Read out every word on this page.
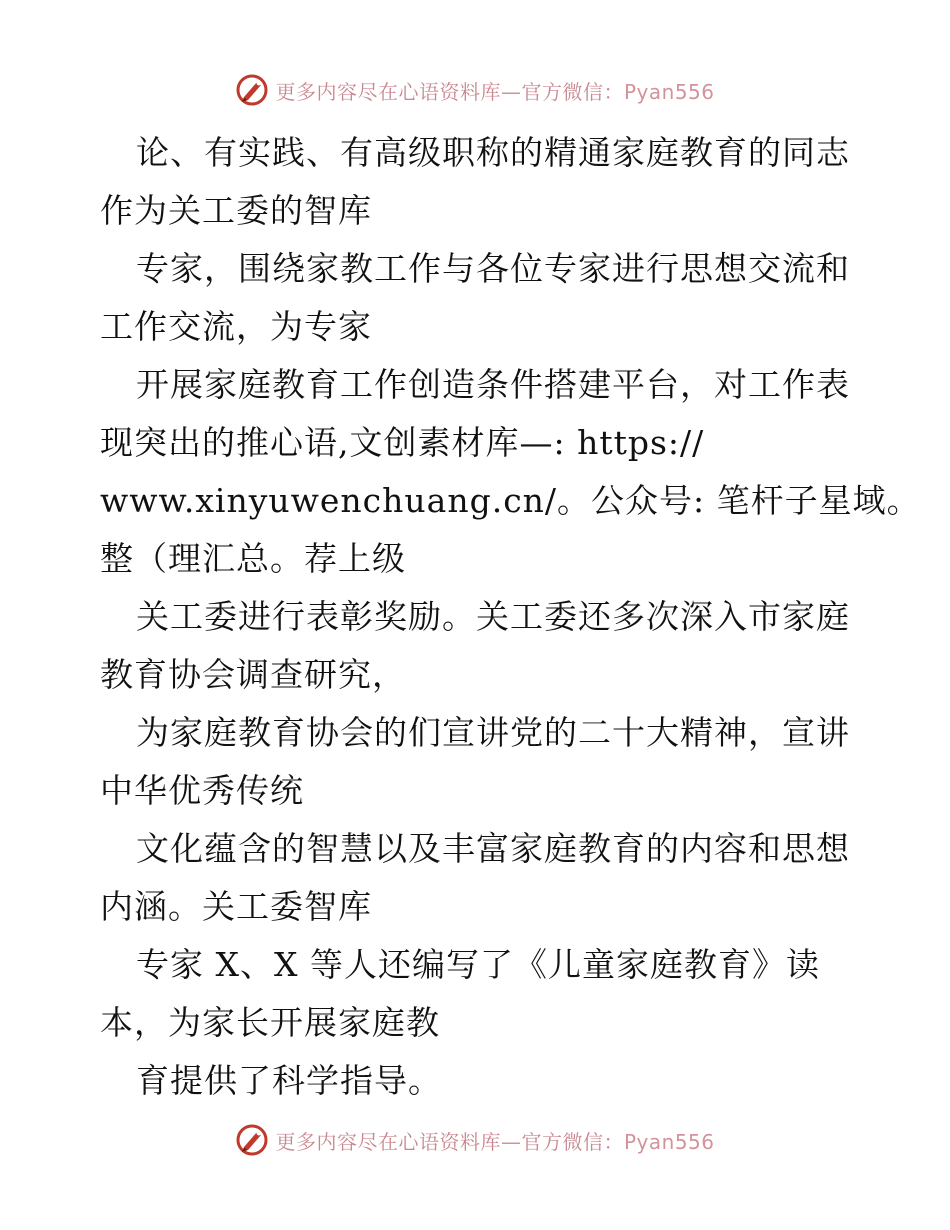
更多内容尽在心语资料库—官方微信：Pyan556
论、有实践、有高级职称的精通家庭教育的同志
作为关工委的智库
专家，围绕家教工作与各位专家进行思想交流和
工作交流，为专家
开展家庭教育工作创造条件搭建平台，对工作表
现突出的推心语,文创素材库—: https://
www.xinyuwenchuang.cn/。公众号: 笔杆子星域。
整（理汇总。荐上级
关工委进行表彰奖励。关工委还多次深入市家庭
教育协会调查研究，
为家庭教育协会的们宣讲党的二十大精神，宣讲
中华优秀传统
文化蕴含的智慧以及丰富家庭教育的内容和思想
内涵。关工委智库
专家 X、X 等人还编写了《儿童家庭教育》读
本，为家长开展家庭教
育提供了科学指导。
更多内容尽在心语资料库—官方微信：Pyan556
